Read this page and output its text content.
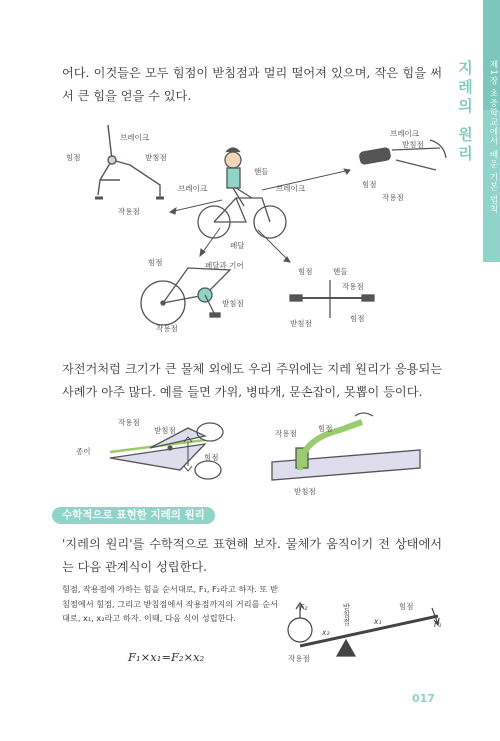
지레의 원리	제1장 초중학교에서 배운 기본 법칙

어다. 이것들은 모두 힘점이 받침점과 멀리 떨어져 있으며, 작은 힘을 써서 큰 힘을 얻을 수 있다.

브레이크
힘점	받침점
작용점
브레이크
핸들
브레이크
페달
브레이크
받침점
힘점
작용점
힘점	페달과 기어
받침점
작용점
힘점	핸들
작용점
받침점
힘점

자전거처럼 크기가 큰 물체 외에도 우리 주위에는 지레 원리가 응용되는 사례가 아주 많다. 예를 들면 가위, 병따개, 문손잡이, 못뽑이 등이다.

작용점
받침점
종이
힘점
작용점
힘점
받침점
수학적으로 표현한 지레의 원리

'지레의 원리'를 수학적으로 표현해 보자. 물체가 움직이기 전 상태에서는 다음 관계식이 성립한다.

힘점, 작용점에 가하는 힘을 순서대로, F₁, F₂라고 하자. 또 받침점에서 힘점, 그리고 받침점에서 작용점까지의 거리를 순서대로, x₁, x₂라고 하자. 이때, 다음 식이 성립한다.

F₁×x₁=F₂×x₂
F₂	받침점	힘점
x₂
x₁	F₁
작용점
017
